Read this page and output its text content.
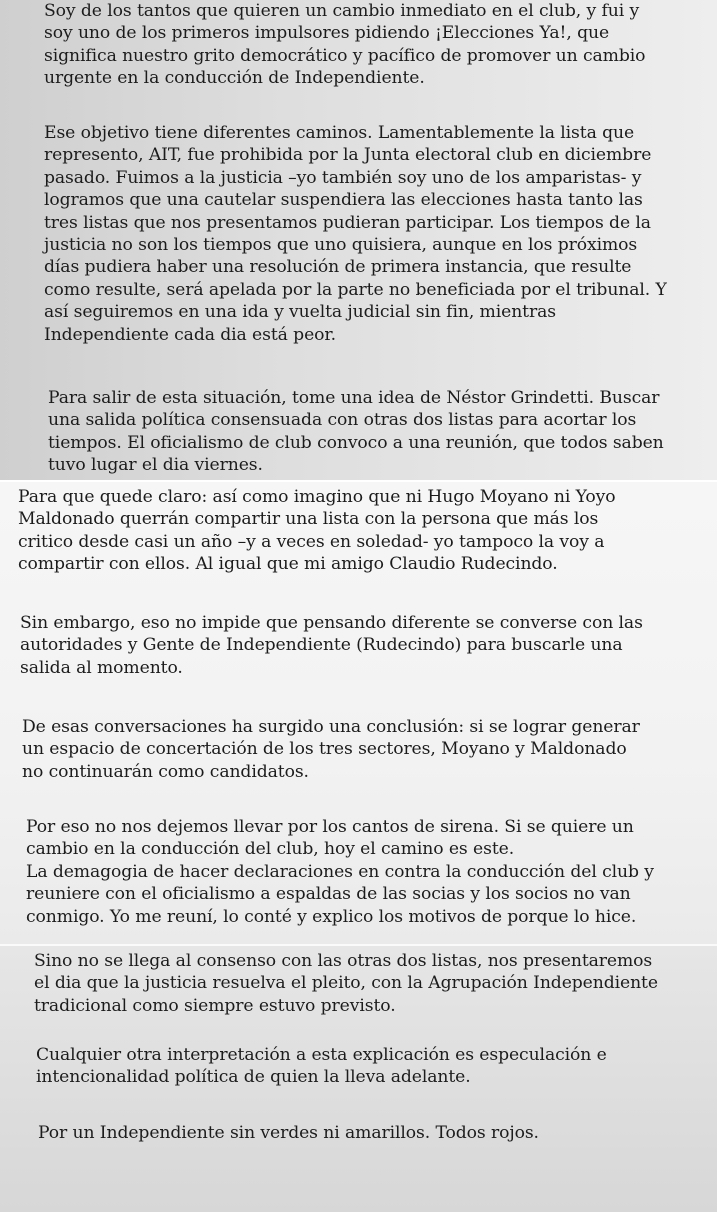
Soy de los tantos que quieren un cambio inmediato en el club, y fui y
soy uno de los primeros impulsores pidiendo ¡Elecciones Ya!, que
significa nuestro grito democrático y pacífico de promover un cambio
urgente en la conducción de Independiente.

Ese objetivo tiene diferentes caminos. Lamentablemente la lista que
represento, AIT, fue prohibida por la Junta electoral club en diciembre
pasado. Fuimos a la justicia –yo también soy uno de los amparistas- y
logramos que una cautelar suspendiera las elecciones hasta tanto las
tres listas que nos presentamos pudieran participar. Los tiempos de la
justicia no son los tiempos que uno quisiera, aunque en los próximos
días pudiera haber una resolución de primera instancia, que resulte
como resulte, será apelada por la parte no beneficiada por el tribunal. Y
así seguiremos en una ida y vuelta judicial sin fin, mientras
Independiente cada dia está peor.

Para salir de esta situación, tome una idea de Néstor Grindetti. Buscar
una salida política consensuada con otras dos listas para acortar los
tiempos. El oficialismo de club convoco a una reunión, que todos saben
tuvo lugar el dia viernes.

Para que quede claro: así como imagino que ni Hugo Moyano ni Yoyo
Maldonado querrán compartir una lista con la persona que más los
critico desde casi un año –y a veces en soledad- yo tampoco la voy a
compartir con ellos. Al igual que mi amigo Claudio Rudecindo.

Sin embargo, eso no impide que pensando diferente se converse con las
autoridades y Gente de Independiente (Rudecindo) para buscarle una
salida al momento.

De esas conversaciones ha surgido una conclusión: si se lograr generar
un espacio de concertación de los tres sectores, Moyano y Maldonado
no continuarán como candidatos.

Por eso no nos dejemos llevar por los cantos de sirena. Si se quiere un
cambio en la conducción del club, hoy el camino es este.
La demagogia de hacer declaraciones en contra la conducción del club y
reuniere con el oficialismo a espaldas de las socias y los socios no van
conmigo. Yo me reuní, lo conté y explico los motivos de porque lo hice.

Sino no se llega al consenso con las otras dos listas, nos presentaremos
el dia que la justicia resuelva el pleito, con la Agrupación Independiente
tradicional como siempre estuvo previsto.

Cualquier otra interpretación a esta explicación es especulación e
intencionalidad política de quien la lleva adelante.

Por un Independiente sin verdes ni amarillos. Todos rojos.
